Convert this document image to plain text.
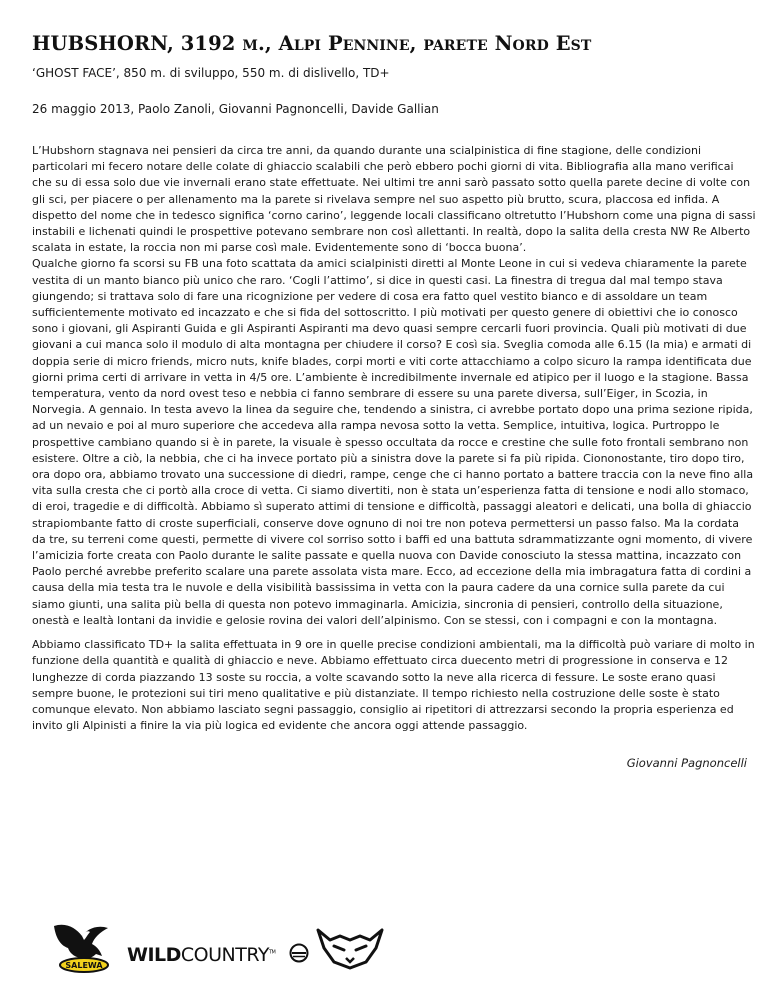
HUBSHORN, 3192 m., Alpi Pennine, parete Nord Est
‘GHOST FACE’, 850 m. di sviluppo, 550 m. di dislivello, TD+
26 maggio 2013, Paolo Zanoli, Giovanni Pagnoncelli, Davide Gallian

L’Hubshorn stagnava nei pensieri da circa tre anni, da quando durante una scialpinistica di fine stagione, delle condizioni particolari mi fecero notare delle colate di ghiaccio scalabili che però ebbero pochi giorni di vita. Bibliografia alla mano verificai che su di essa solo due vie invernali erano state effettuate. Nei ultimi tre anni sarò passato sotto quella parete decine di volte con gli sci, per piacere o per allenamento ma la parete si rivelava sempre nel suo aspetto più brutto, scura, placcosa ed infida. A dispetto del nome che in tedesco significa ‘corno carino’, leggende locali classificano oltretutto l’Hubshorn come una pigna di sassi instabili e lichenati quindi le prospettive potevano sembrare non così allettanti. In realtà, dopo la salita della cresta NW Re Alberto scalata in estate, la roccia non mi parse così male. Evidentemente sono di ‘bocca buona’.
Qualche giorno fa scorsi su FB una foto scattata da amici scialpinisti diretti al Monte Leone in cui si vedeva chiaramente la parete vestita di un manto bianco più unico che raro. ‘Cogli l’attimo’, si dice in questi casi. La finestra di tregua dal mal tempo stava giungendo; si trattava solo di fare una ricognizione per vedere di cosa era fatto quel vestito bianco e di assoldare un team sufficientemente motivato ed incazzato e che si fida del sottoscritto. I più motivati per questo genere di obiettivi che io conosco sono i giovani, gli Aspiranti Guida e gli Aspiranti Aspiranti ma devo quasi sempre cercarli fuori provincia. Quali più motivati di due giovani a cui manca solo il modulo di alta montagna per chiudere il corso? E così sia. Sveglia comoda alle 6.15 (la mia) e armati di doppia serie di micro friends, micro nuts, knife blades, corpi morti e viti corte attacchiamo a colpo sicuro la rampa identificata due giorni prima certi di arrivare in vetta in 4/5 ore. L’ambiente è incredibilmente invernale ed atipico per il luogo e la stagione. Bassa temperatura, vento da nord ovest teso e nebbia ci fanno sembrare di essere su una parete diversa, sull’Eiger, in Scozia, in Norvegia. A gennaio. In testa avevo la linea da seguire che, tendendo a sinistra, ci avrebbe portato dopo una prima sezione ripida, ad un nevaio e poi al muro superiore che accedeva alla rampa nevosa sotto la vetta. Semplice, intuitiva, logica. Purtroppo le prospettive cambiano quando si è in parete, la visuale è spesso occultata da rocce e crestine che sulle foto frontali sembrano non esistere. Oltre a ciò, la nebbia, che ci ha invece portato più a sinistra dove la parete si fa più ripida. Ciononostante, tiro dopo tiro, ora dopo ora, abbiamo trovato una successione di diedri, rampe, cenge che ci hanno portato a battere traccia con la neve fino alla vita sulla cresta che ci portò alla croce di vetta. Ci siamo divertiti, non è stata un’esperienza fatta di tensione e nodi allo stomaco, di eroi, tragedie e di difficoltà. Abbiamo sì superato attimi di tensione e difficoltà, passaggi aleatori e delicati, una bolla di ghiaccio strapiombante fatto di croste superficiali, conserve dove ognuno di noi tre non poteva permettersi un passo falso. Ma la cordata da tre, su terreni come questi, permette di vivere col sorriso sotto i baffi ed una battuta sdrammatizzante ogni momento, di vivere l’amicizia forte creata con Paolo durante le salite passate e quella nuova con Davide conosciuto la stessa mattina, incazzato con Paolo perché avrebbe preferito scalare una parete assolata vista mare. Ecco, ad eccezione della mia imbragatura fatta di cordini a causa della mia testa tra le nuvole e della visibilità bassissima in vetta con la paura cadere da una cornice sulla parete da cui siamo giunti, una salita più bella di questa non potevo immaginarla. Amicizia, sincronia di pensieri, controllo della situazione, onestà e lealtà lontani da invidie e gelosie rovina dei valori dell’alpinismo. Con se stessi, con i compagni e con la montagna.

Abbiamo classificato TD+ la salita effettuata in 9 ore in quelle precise condizioni ambientali, ma la difficoltà può variare di molto in funzione della quantità e qualità di ghiaccio e neve. Abbiamo effettuato circa duecento metri di progressione in conserva e 12 lunghezze di corda piazzando 13 soste su roccia, a volte scavando sotto la neve alla ricerca di fessure. Le soste erano quasi sempre buone, le protezioni sui tiri meno qualitative e più distanziate. Il tempo richiesto nella costruzione delle soste è stato comunque elevato. Non abbiamo lasciato segni passaggio, consiglio ai ripetitori di attrezzarsi secondo la propria esperienza ed invito gli Alpinisti a finire la via più logica ed evidente che ancora oggi attende passaggio.

Giovanni Pagnoncelli
SALEWA WILDCOUNTRY™
